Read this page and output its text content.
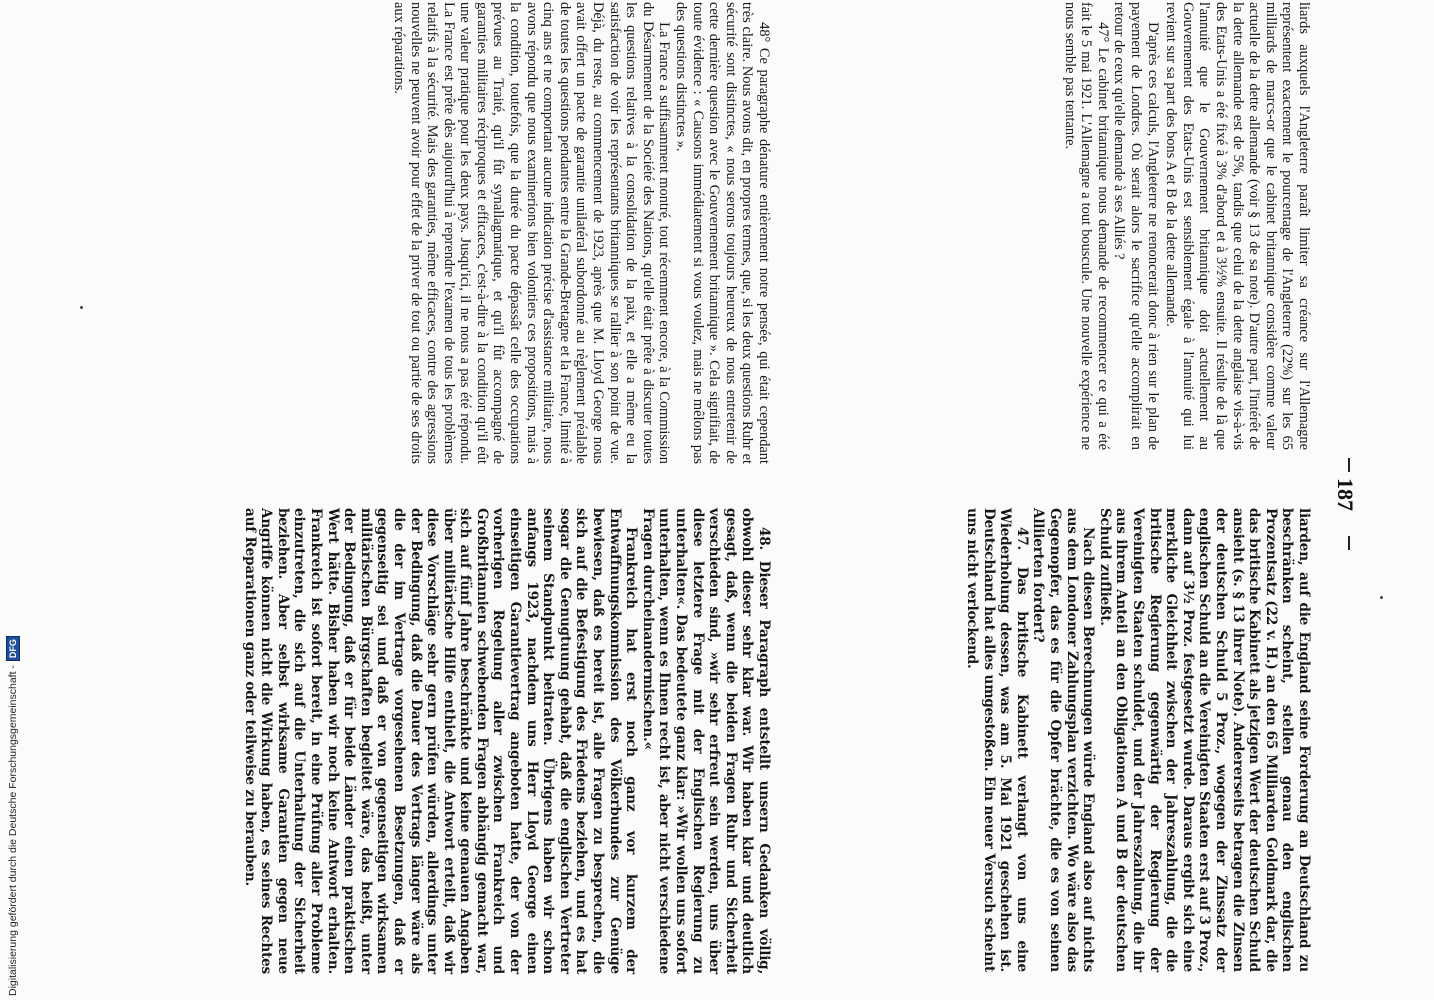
187

liards auxquels l'Angleterre paraît limiter sa créance sur l'Allemagne représentent exactement le pourcentage de l'Angleterre (22%) sur les 65 milliards de marcs-or que le cabinet britannique considère comme valeur actuelle de la dette allemande (voir § 13 de sa note). D'autre part, l'intérêt de la dette allemande est de 5%, tandis que celui de la dette anglaise vis-à-vis des Etats-Unis a été fixé à 3% d'abord et à 3½% ensuite. Il résulte de là que l'annuité que le Gouvernement britannique doit actuellement au Gouvernement des Etats-Unis est sensiblement égale à l'annuité qui lui revient sur sa part des bons A et B de la dette allemande.

D'après ces calculs, l'Angleterre ne renoncerait donc à rien sur le plan de payement de Londres. Où serait alors le sacrifice qu'elle accomplirait en retour de ceux qu'elle demande à ses Alliés ?

47° Le cabinet britannique nous demande de recommencer ce qui a été fait le 5 mai 1921. L'Allemagne a tout bouscule. Une nouvelle expérience ne nous semble pas tentante.

liarden, auf die England seine Forderung an Deutschland zu beschränken scheint, stellen genau den englischen Prozentsatz (22 v. H.) an den 65 Milliarden Goldmark dar, die das britische Kabinett als jetzigen Wert der deutschen Schuld ansieht (s. § 13 ihrer Note). Andererseits betragen die Zinsen der deutschen Schuld 5 Proz., wogegen der Zinssatz der englischen Schuld an die Vereinigten Staaten erst auf 3 Proz., dann auf 3½ Proz. festgesetzt wurde. Daraus ergibt sich eine merkliche Gleichheit zwischen der Jahreszahlung, die die britische Regierung gegenwärtig der Regierung der Vereinigten Staaten schuldet, und der Jahreszahlung, die ihr aus ihrem Anteil an den Obligationen A und B der deutschen Schuld zufließt.

Nach diesen Berechnungen würde England also auf nichts aus dem Londoner Zahlungsplan verzichten. Wo wäre also das Gegenopfer, das es für die Opfer brächte, die es von seinen Alliierten fordert?

47. Das britische Kabinett verlangt von uns eine Wiederholung dessen, was am 5. Mai 1921 geschehen ist. Deutschland hat alles umgestoßen. Ein neuer Versuch scheint uns nicht verlockend.

48° Ce paragraphe dénature entièrement notre pensée, qui était cependant très claire. Nous avons dit, en propres termes, que, si les deux questions Ruhr et sécurité sont distinctes, « nous serons toujours heureux de nous entretenir de cette dernière question avec le Gouvernement britannique ». Cela signifiait, de toute évidence : « Causons immédiatement si vous voulez, mais ne mêlons pas des questions distinctes ».

La France a suffisamment montré, tout récemment encore, à la Commission du Désarmement de la Société des Nations, qu'elle était prête à discuter toutes les questions relatives à la consolidation de la paix, et elle a même eu la satisfaction de voir les représentants britanniques se rallier à son point de vue. Déjà, du reste, au commencement de 1923, après que M. Lloyd George nous avait offert un pacte de garantie unilatéral subordonné au règlement préalable de toutes les questions pendantes entre la Grande-Bretagne et la France, limité à cinq ans et ne comportant aucune indication précise d'assistance militaire, nous avons répondu que nous examinerions bien volontiers ces propositions, mais à la condition, toutefois, que la durée du pacte dépassât celle des occupations prévues au Traité, qu'il fût synallagmatique, et qu'il fût accompagné de garanties militaires réciproques et efficaces, c'est-à-dire à la condition qu'il eût une valeur pratique pour les deux pays. Jusqu'ici, il ne nous a pas été répondu. La France est prête dès aujourd'hui à reprendre l'examen de tous les problèmes relatifs à la sécurité. Mais des garanties, même efficaces, contre des agressions nouvelles ne peuvent avoir pour effet de la priver de tout ou partie de ses droits aux réparations.

48. Dieser Paragraph entstellt unsern Gedanken völlig, obwohl dieser sehr klar war. Wir haben klar und deutlich gesagt, daß, wenn die beiden Fragen Ruhr und Sicherheit verschieden sind, »wir sehr erfreut sein werden, uns über diese letztere Frage mit der Englischen Regierung zu unterhalten«. Das bedeutete ganz klar: »Wir wollen uns sofort unterhalten, wenn es Ihnen recht ist, aber nicht verschiedene Fragen durcheinandermischen.«

Frankreich hat erst noch ganz vor kurzem der Entwaffnungskommission des Völkerbundes zur Genüge bewiesen, daß es bereit ist, alle Fragen zu besprechen, die sich auf die Befestigung des Friedens beziehen, und es hat sogar die Genugtuung gehabt, daß die englischen Vertreter seinem Standpunkt beitraten. Übrigens haben wir schon anfangs 1923, nachdem uns Herr Lloyd George einen einseitigen Garantievertrag angeboten hatte, der von der vorherigen Regelung aller zwischen Frankreich und Großbritannien schwebenden Fragen abhängig gemacht war, sich auf fünf Jahre beschränkte und keine genauen Angaben über militärische Hilfe enthielt, die Antwort erteilt, daß wir diese Vorschläge sehr gern prüfen würden, allerdings unter der Bedingung, daß die Dauer des Vertrags länger wäre als die der im Vertrage vorgesehenen Besetzungen, daß er gegenseitig sei und daß er von gegenseitigen wirksamen militärischen Bürgschaften begleitet wäre, das heißt, unter der Bedingung, daß er für beide Länder einen praktischen Wert hätte. Bisher haben wir noch keine Antwort erhalten. Frankreich ist sofort bereit, in eine Prüfung aller Probleme einzutreten, die sich auf die Unterhaltung der Sicherheit beziehen. Aber selbst wirksame Garantien gegen neue Angriffe können nicht die Wirkung haben, es seines Rechtes auf Reparationen ganz oder teilweise zu berauben.

Digitalisierung gefördert durch die Deutsche Forschungsgemeinschaft -
DFG
